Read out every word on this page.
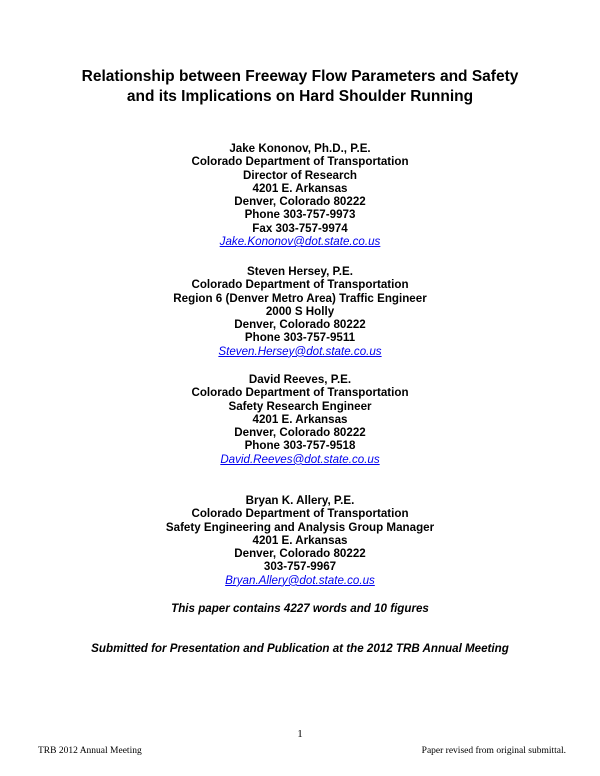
Relationship between Freeway Flow Parameters and Safety
and its Implications on Hard Shoulder Running
Jake Kononov, Ph.D., P.E.
Colorado Department of Transportation
Director of Research
4201 E. Arkansas
Denver, Colorado 80222
Phone 303-757-9973
Fax 303-757-9974
Jake.Kononov@dot.state.co.us
Steven Hersey, P.E.
Colorado Department of Transportation
Region 6 (Denver Metro Area) Traffic Engineer
2000 S Holly
Denver, Colorado 80222
Phone 303-757-9511
Steven.Hersey@dot.state.co.us
David Reeves, P.E.
Colorado Department of Transportation
Safety Research Engineer
4201 E. Arkansas
Denver, Colorado 80222
Phone 303-757-9518
David.Reeves@dot.state.co.us
Bryan K. Allery, P.E.
Colorado Department of Transportation
Safety Engineering and Analysis Group Manager
4201 E. Arkansas
Denver, Colorado 80222
303-757-9967
Bryan.Allery@dot.state.co.us
This paper contains 4227 words and 10 figures
Submitted for Presentation and Publication at the 2012 TRB Annual Meeting
1
TRB 2012 Annual Meeting	Paper revised from original submittal.
